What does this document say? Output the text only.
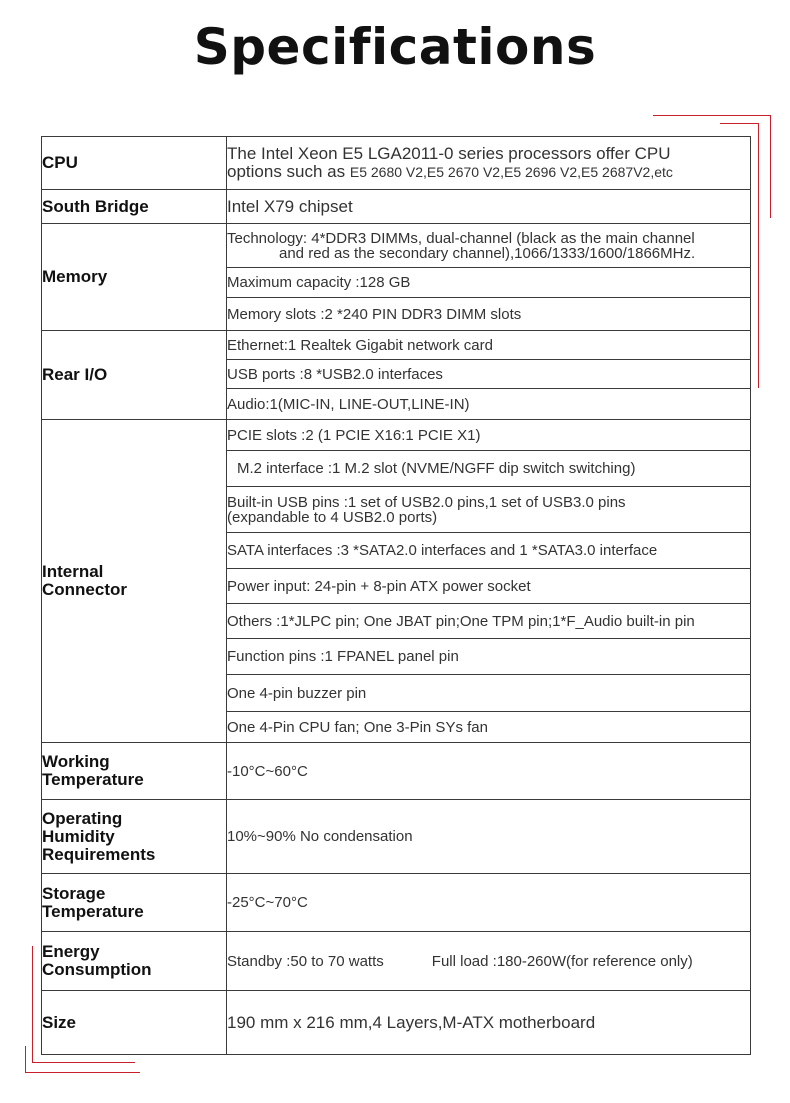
Specifications
CPU	The Intel Xeon E5 LGA2011-0 series processors offer CPU
options such as E5 2680 V2,E5 2670 V2,E5 2696 V2,E5 2687V2,etc

South Bridge	Intel X79 chipset
Memory	Technology: 4*DDR3 DIMMs, dual-channel (black as the main channel
and red as the secondary channel),1066/1333/1600/1866MHz.

	Maximum capacity :128 GB
	Memory slots :2 *240 PIN DDR3 DIMM slots
Rear I/O	Ethernet:1 Realtek Gigabit network card
	USB ports :8 *USB2.0 interfaces
	Audio:1(MIC-IN, LINE-OUT,LINE-IN)

Internal
Connector	PCIE slots :2 (1 PCIE X16:1 PCIE X1)
	M.2 interface :1 M.2 slot (NVME/NGFF dip switch switching)

	Built-in USB pins :1 set of USB2.0 pins,1 set of USB3.0 pins
(expandable to 4 USB2.0 ports)

	SATA interfaces :3 *SATA2.0 interfaces and 1 *SATA3.0 interface
	Power input: 24-pin + 8-pin ATX power socket
	Others :1*JLPC pin; One JBAT pin;One TPM pin;1*F_Audio built-in pin
	Function pins :1 FPANEL panel pin
	One 4-pin buzzer pin
	One 4-Pin CPU fan; One 3-Pin SYs fan

Working
Temperature	-10°C~60°C

Operating
Humidity
Requirements	10%~90% No condensation

Storage
Temperature	-25°C~70°C

Energy
Consumption	Standby :50 to 70 watts Full load :180-260W(for reference only)
Size	190 mm x 216 mm,4 Layers,M-ATX motherboard
